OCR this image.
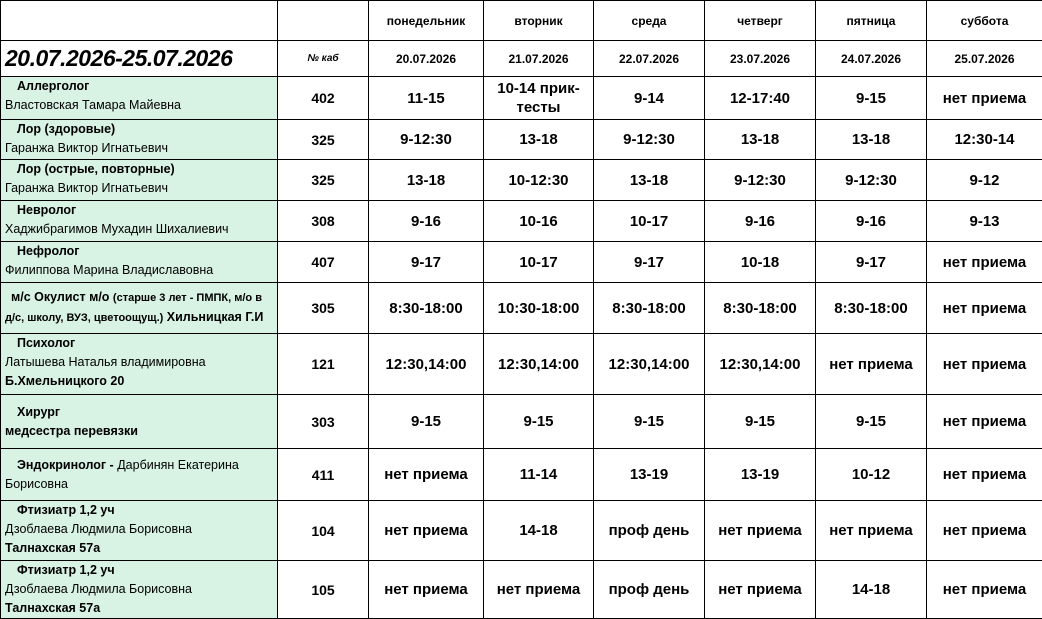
		понедельник	вторник	среда	четверг	пятница	суббота
20.07.2026-25.07.2026	№ каб	20.07.2026	21.07.2026	22.07.2026	23.07.2026	24.07.2026	25.07.2026

Аллерголог
Властовская Тамара Майевна	402	11-15	10-14 прик-тесты	9-14	12-17:40	9-15	нет приема

Лор (здоровые)
Гаранжа Виктор Игнатьевич	325	9-12:30	13-18	9-12:30	13-18	13-18	12:30-14

Лор (острые, повторные)
Гаранжа Виктор Игнатьевич	325	13-18	10-12:30	13-18	9-12:30	9-12:30	9-12

Невролог
Хаджибрагимов Мухадин Шихалиевич	308	9-16	10-16	10-17	9-16	9-16	9-13

Нефролог
Филиппова Марина Владиславовна	407	9-17	10-17	9-17	10-18	9-17	нет приема

м/с Окулист м/о (старше 3 лет - ПМПК, м/о в
д/с, школу, ВУЗ, цветоощущ.) Хильницкая Г.И	305	8:30-18:00	10:30-18:00	8:30-18:00	8:30-18:00	8:30-18:00	нет приема

Психолог
Латышева Наталья владимировна
Б.Хмельницкого 20	121	12:30,14:00	12:30,14:00	12:30,14:00	12:30,14:00	нет приема	нет приема

Хирург
медсестра перевязки	303	9-15	9-15	9-15	9-15	9-15	нет приема

Эндокринолог - Дарбинян Екатерина
Борисовна	411	нет приема	11-14	13-19	13-19	10-12	нет приема

Фтизиатр 1,2 уч
Дзоблаева Людмила Борисовна
Талнахская 57а	104	нет приема	14-18	проф день	нет приема	нет приема	нет приема

Фтизиатр 1,2 уч
Дзоблаева Людмила Борисовна
Талнахская 57а	105	нет приема	нет приема	проф день	нет приема	14-18	нет приема
